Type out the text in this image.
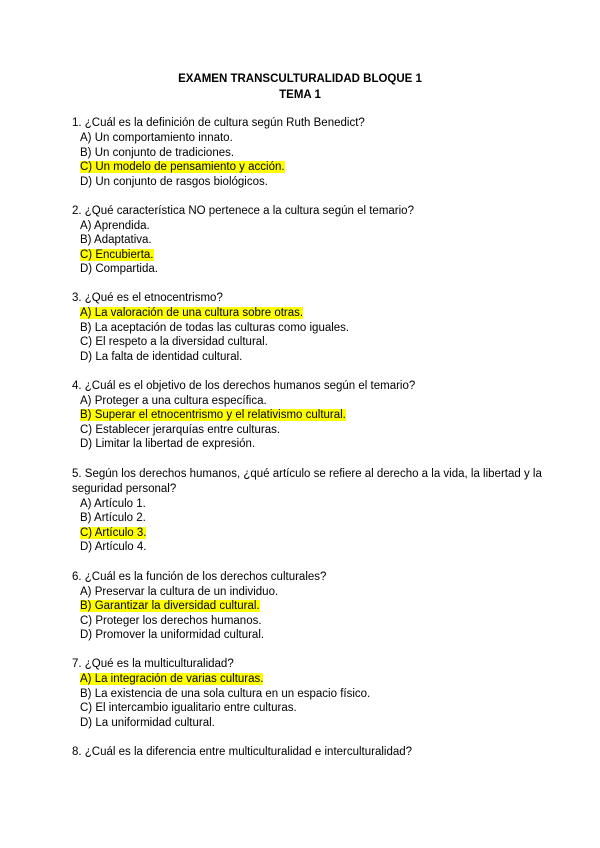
EXAMEN TRANSCULTURALIDAD BLOQUE 1
TEMA 1
1. ¿Cuál es la definición de cultura según Ruth Benedict?
A) Un comportamiento innato.
B) Un conjunto de tradiciones.
C) Un modelo de pensamiento y acción.
D) Un conjunto de rasgos biológicos.
2. ¿Qué característica NO pertenece a la cultura según el temario?
A) Aprendida.
B) Adaptativa.
C) Encubierta.
D) Compartida.
3. ¿Qué es el etnocentrismo?
A) La valoración de una cultura sobre otras.
B) La aceptación de todas las culturas como iguales.
C) El respeto a la diversidad cultural.
D) La falta de identidad cultural.
4. ¿Cuál es el objetivo de los derechos humanos según el temario?
A) Proteger a una cultura específica.
B) Superar el etnocentrismo y el relativismo cultural.
C) Establecer jerarquías entre culturas.
D) Limitar la libertad de expresión.
5. Según los derechos humanos, ¿qué artículo se refiere al derecho a la vida, la libertad y la seguridad personal?
A) Artículo 1.
B) Artículo 2.
C) Artículo 3.
D) Artículo 4.
6. ¿Cuál es la función de los derechos culturales?
A) Preservar la cultura de un individuo.
B) Garantizar la diversidad cultural.
C) Proteger los derechos humanos.
D) Promover la uniformidad cultural.
7. ¿Qué es la multiculturalidad?
A) La integración de varias culturas.
B) La existencia de una sola cultura en un espacio físico.
C) El intercambio igualitario entre culturas.
D) La uniformidad cultural.
8. ¿Cuál es la diferencia entre multiculturalidad e interculturalidad?
